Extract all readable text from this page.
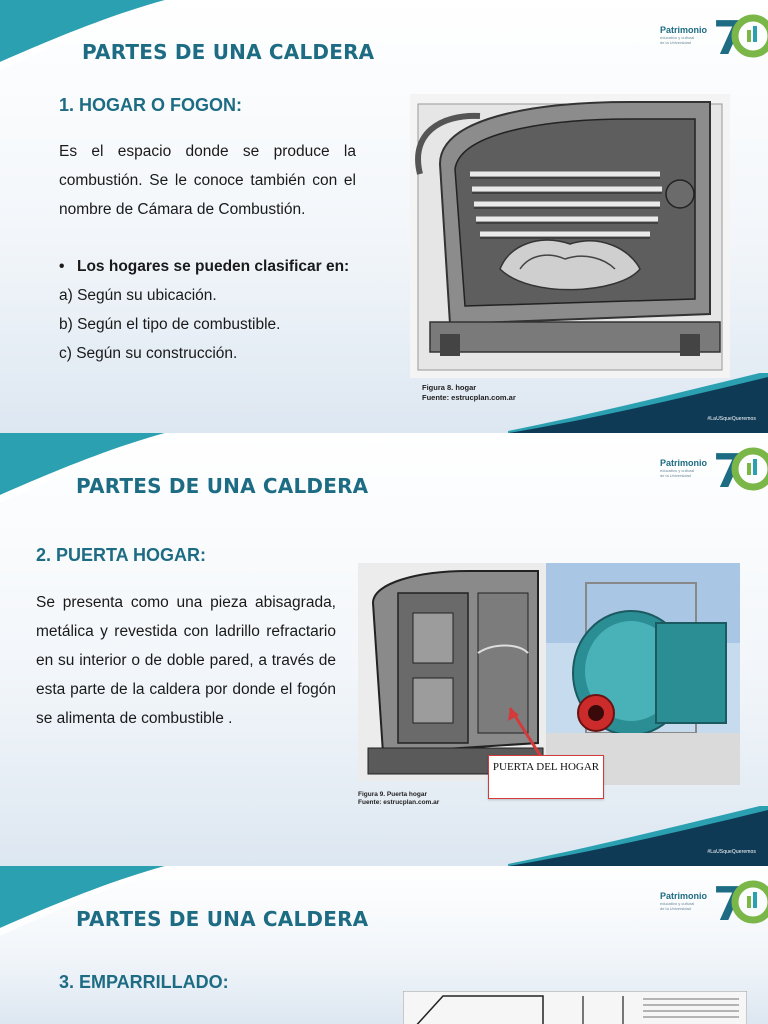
Patrimonio
educativo y cultural
de la Universidad 7
PARTES DE UNA CALDERA
1. HOGAR O FOGON:

Es el espacio donde se produce la combustión. Se le conoce también con el nombre de Cámara de Combustión.

• Los hogares se pueden clasificar en:
a) Según su ubicación.
b) Según el tipo de combustible.
c) Según su construcción.
Figura 8. hogar
Fuente: estrucplan.com.ar
#LaUSqueQueremos
Patrimonio
educativo y cultural
de la Universidad 7
PARTES DE UNA CALDERA
2. PUERTA HOGAR:

Se presenta como una pieza abisagrada, metálica y revestida con ladrillo refractario en su interior o de doble pared, a través de esta parte de la caldera por donde el fogón se alimenta de combustible .

PUERTA DEL HOGAR
Figura 9. Puerta hogar
Fuente: estrucplan.com.ar
#LaUSqueQueremos
Patrimonio
educativo y cultural
de la Universidad 7
PARTES DE UNA CALDERA
3. EMPARRILLADO:
